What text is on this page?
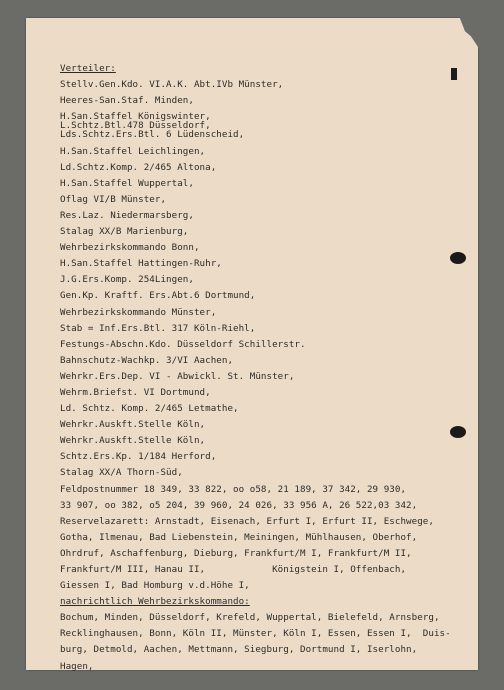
Verteiler:
Stellv.Gen.Kdo. VI.A.K. Abt.IVb Münster,
Heeres-San.Staf. Minden,
H.San.Staffel Königswinter,
L.Schtz.Btl.478 Düsseldorf,
Lds.Schtz.Ers.Btl. 6 Lüdenscheid,
H.San.Staffel Leichlingen,
Ld.Schtz.Komp. 2/465 Altona,
H.San.Staffel Wuppertal,
Oflag VI/B Münster,
Res.Laz. Niedermarsberg,
Stalag XX/B Marienburg,
Wehrbezirkskommando Bonn,
H.San.Staffel Hattingen-Ruhr,
J.G.Ers.Komp. 254Lingen,
Gen.Kp. Kraftf. Ers.Abt.6 Dortmund,
Wehrbezirkskommando Münster,
Stab = Inf.Ers.Btl. 317 Köln-Riehl,
Festungs-Abschn.Kdo. Düsseldorf Schillerstr.
Bahnschutz-Wachkp. 3/VI Aachen,
Wehrkr.Ers.Dep. VI - Abwickl. St. Münster,
Wehrm.Briefst. VI Dortmund,
Ld. Schtz. Komp. 2/465 Letmathe,
Wehrkr.Auskft.Stelle Köln,
Wehrkr.Auskft.Stelle Köln,
Schtz.Ers.Kp. 1/184 Herford,
Stalag XX/A Thorn-Süd,
Feldpostnummer 18 349, 33 822, oo o58, 21 189, 37 342, 29 930,
33 907, oo 382, o5 204, 39 960, 24 026, 33 956 A, 26 522,03 342,
Reservelazarett: Arnstadt, Eisenach, Erfurt I, Erfurt II, Eschwege,
Gotha, Ilmenau, Bad Liebenstein, Meiningen, Mühlhausen, Oberhof,
Ohrdruf, Aschaffenburg, Dieburg, Frankfurt/M I, Frankfurt/M II,
Frankfurt/M III, Hanau II,            Königstein I, Offenbach,
Giessen I, Bad Homburg v.d.Höhe I,
nachrichtlich Wehrbezirkskommando:
Bochum, Minden, Düsseldorf, Krefeld, Wuppertal, Bielefeld, Arnsberg,
Recklinghausen, Bonn, Köln II, Münster, Köln I, Essen, Essen I,  Duis-
burg, Detmold, Aachen, Mettmann, Siegburg, Dortmund I, Iserlohn,
Hagen,
